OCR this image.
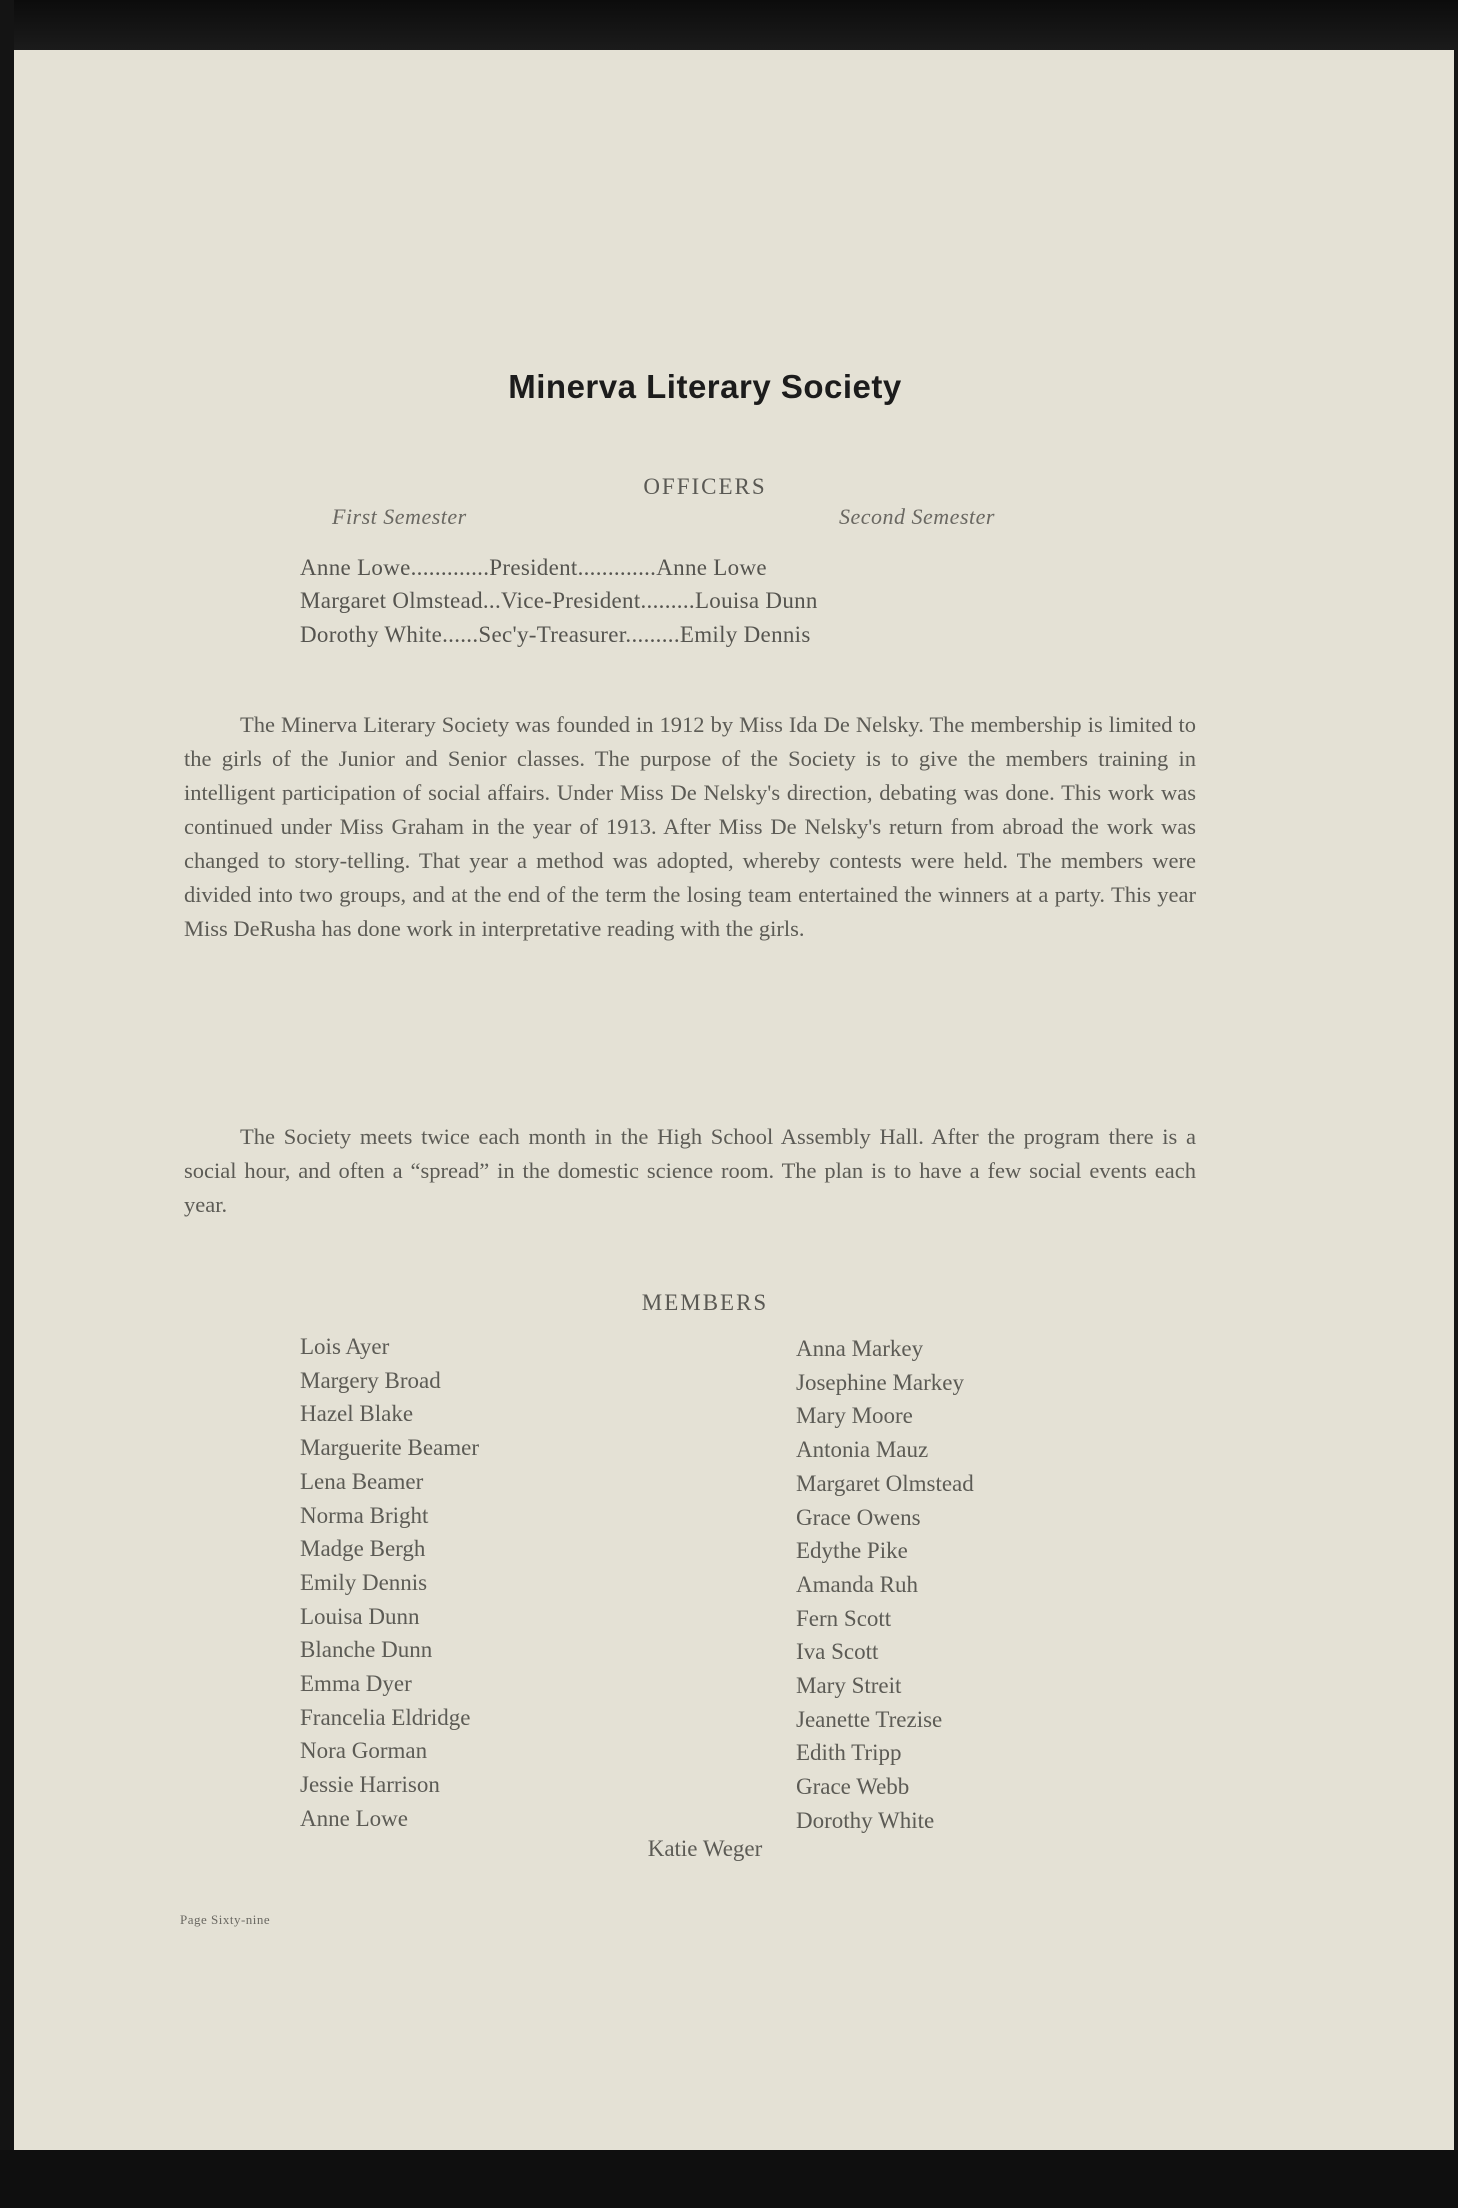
Minerva Literary Society
OFFICERS
First Semester	Second Semester
Anne Lowe.............President.............Anne Lowe
Margaret Olmstead...Vice-President.........Louisa Dunn
Dorothy White......Sec'y-Treasurer.........Emily Dennis

The Minerva Literary Society was founded in 1912 by Miss Ida De Nelsky. The membership is limited to the girls of the Junior and Senior classes. The purpose of the Society is to give the members training in intelligent participation of social affairs. Under Miss De Nelsky's direction, debating was done. This work was continued under Miss Graham in the year of 1913. After Miss De Nelsky's return from abroad the work was changed to story-telling. That year a method was adopted, whereby contests were held. The members were divided into two groups, and at the end of the term the losing team entertained the winners at a party. This year Miss DeRusha has done work in interpretative reading with the girls.

The Society meets twice each month in the High School Assembly Hall. After the program there is a social hour, and often a “spread” in the domestic science room. The plan is to have a few social events each year.

MEMBERS
Lois Ayer
Margery Broad
Hazel Blake
Marguerite Beamer
Lena Beamer
Norma Bright
Madge Bergh
Emily Dennis
Louisa Dunn
Blanche Dunn
Emma Dyer
Francelia Eldridge
Nora Gorman
Jessie Harrison
Anne Lowe
Anna Markey
Josephine Markey
Mary Moore
Antonia Mauz
Margaret Olmstead
Grace Owens
Edythe Pike
Amanda Ruh
Fern Scott
Iva Scott
Mary Streit
Jeanette Trezise
Edith Tripp
Grace Webb
Dorothy White
Katie Weger
Page Sixty-nine
